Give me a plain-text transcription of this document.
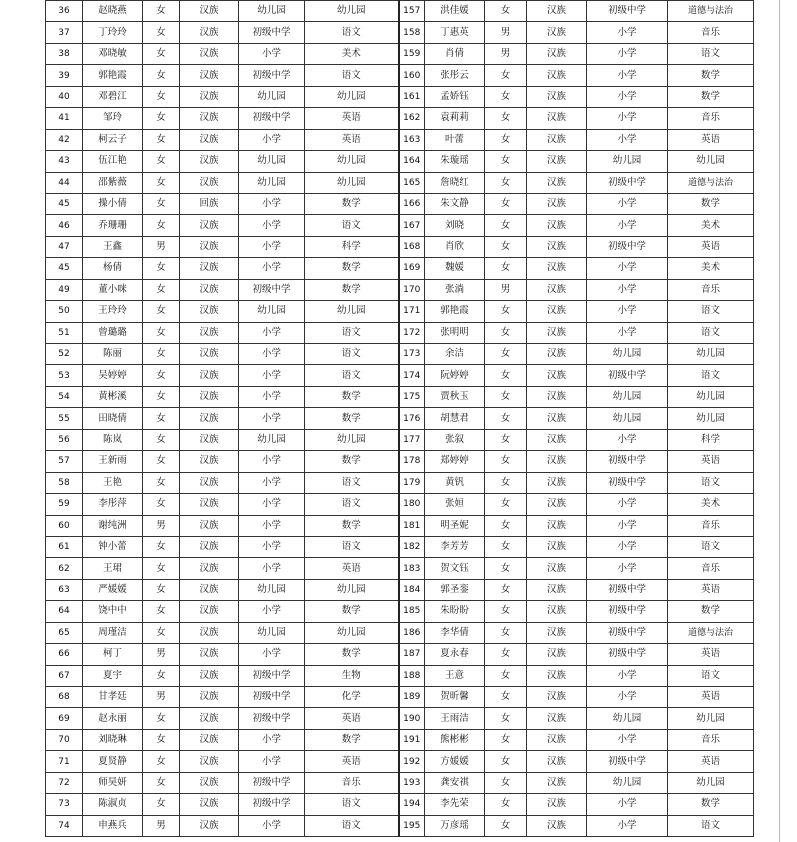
36	赵晓燕	女	汉族	幼儿园	幼儿园	157	洪佳媛	女	汉族	初级中学	道德与法治
37	丁玲玲	女	汉族	初级中学	语文	158	丁惠英	男	汉族	小学	音乐
38	邓晓敏	女	汉族	小学	美术	159	肖倩	男	汉族	小学	语文
39	郭艳霞	女	汉族	初级中学	语文	160	张彤云	女	汉族	小学	数学
40	邓碧江	女	汉族	幼儿园	幼儿园	161	孟娇钰	女	汉族	小学	数学
41	邹玲	女	汉族	初级中学	英语	162	袁莉莉	女	汉族	小学	音乐
42	柯云子	女	汉族	小学	英语	163	叶蕾	女	汉族	小学	英语
43	伍江艳	女	汉族	幼儿园	幼儿园	164	朱璇瑶	女	汉族	幼儿园	幼儿园
44	邵紫薇	女	汉族	幼儿园	幼儿园	165	詹晓红	女	汉族	初级中学	道德与法治
45	操小倩	女	回族	小学	数学	166	朱文静	女	汉族	小学	数学
46	乔珊珊	女	汉族	小学	语文	167	刘晓	女	汉族	小学	美术
47	王鑫	男	汉族	小学	科学	168	肖欣	女	汉族	初级中学	英语
45	杨倩	女	汉族	小学	数学	169	魏媛	女	汉族	小学	美术
49	董小咪	女	汉族	初级中学	数学	170	张淌	男	汉族	小学	音乐
50	王玲玲	女	汉族	幼儿园	幼儿园	171	郭艳霞	女	汉族	小学	语文
51	曾璐璐	女	汉族	小学	语文	172	张明明	女	汉族	小学	语文
52	陈丽	女	汉族	小学	语文	173	余洁	女	汉族	幼儿园	幼儿园
53	吴婷婷	女	汉族	小学	语文	174	阮婷婷	女	汉族	初级中学	语文
54	黄彬溪	女	汉族	小学	数学	175	贾秋玉	女	汉族	幼儿园	幼儿园
55	田晓倩	女	汉族	小学	数学	176	胡慧君	女	汉族	幼儿园	幼儿园
56	陈岚	女	汉族	幼儿园	幼儿园	177	张叙	女	汉族	小学	科学
57	王新雨	女	汉族	小学	数学	178	郑婷婷	女	汉族	初级中学	英语
58	王艳	女	汉族	小学	语文	179	黄钒	女	汉族	初级中学	语文
59	李彤萍	女	汉族	小学	语文	180	张姮	女	汉族	小学	美术
60	谢纯洲	男	汉族	小学	数学	181	明圣妮	女	汉族	小学	音乐
61	钟小蕾	女	汉族	小学	语文	182	李芳芳	女	汉族	小学	语文
62	王珺	女	汉族	小学	英语	183	贺文钰	女	汉族	小学	音乐
63	严媛媛	女	汉族	幼儿园	幼儿园	184	郭圣銮	女	汉族	初级中学	英语
64	饶中中	女	汉族	小学	数学	185	朱盼盼	女	汉族	初级中学	数学
65	周瑾洁	女	汉族	幼儿园	幼儿园	186	李华倩	女	汉族	初级中学	道德与法治
66	柯丁	男	汉族	小学	数学	187	夏永春	女	汉族	初级中学	英语
67	夏宇	女	汉族	初级中学	生物	188	王意	女	汉族	小学	语文
68	甘孝廷	男	汉族	初级中学	化学	189	贺昕馨	女	汉族	小学	英语
69	赵永丽	女	汉族	初级中学	英语	190	王雨洁	女	汉族	幼儿园	幼儿园
70	刘晓琳	女	汉族	小学	数学	191	熊彬彬	女	汉族	小学	音乐
71	夏贤静	女	汉族	小学	英语	192	方媛媛	女	汉族	初级中学	英语
72	师昊妍	女	汉族	初级中学	音乐	193	龚安祺	女	汉族	幼儿园	幼儿园
73	陈淑贞	女	汉族	初级中学	语文	194	李先荣	女	汉族	小学	数学
74	申燕兵	男	汉族	小学	语文	195	万彦瑶	女	汉族	小学	语文
